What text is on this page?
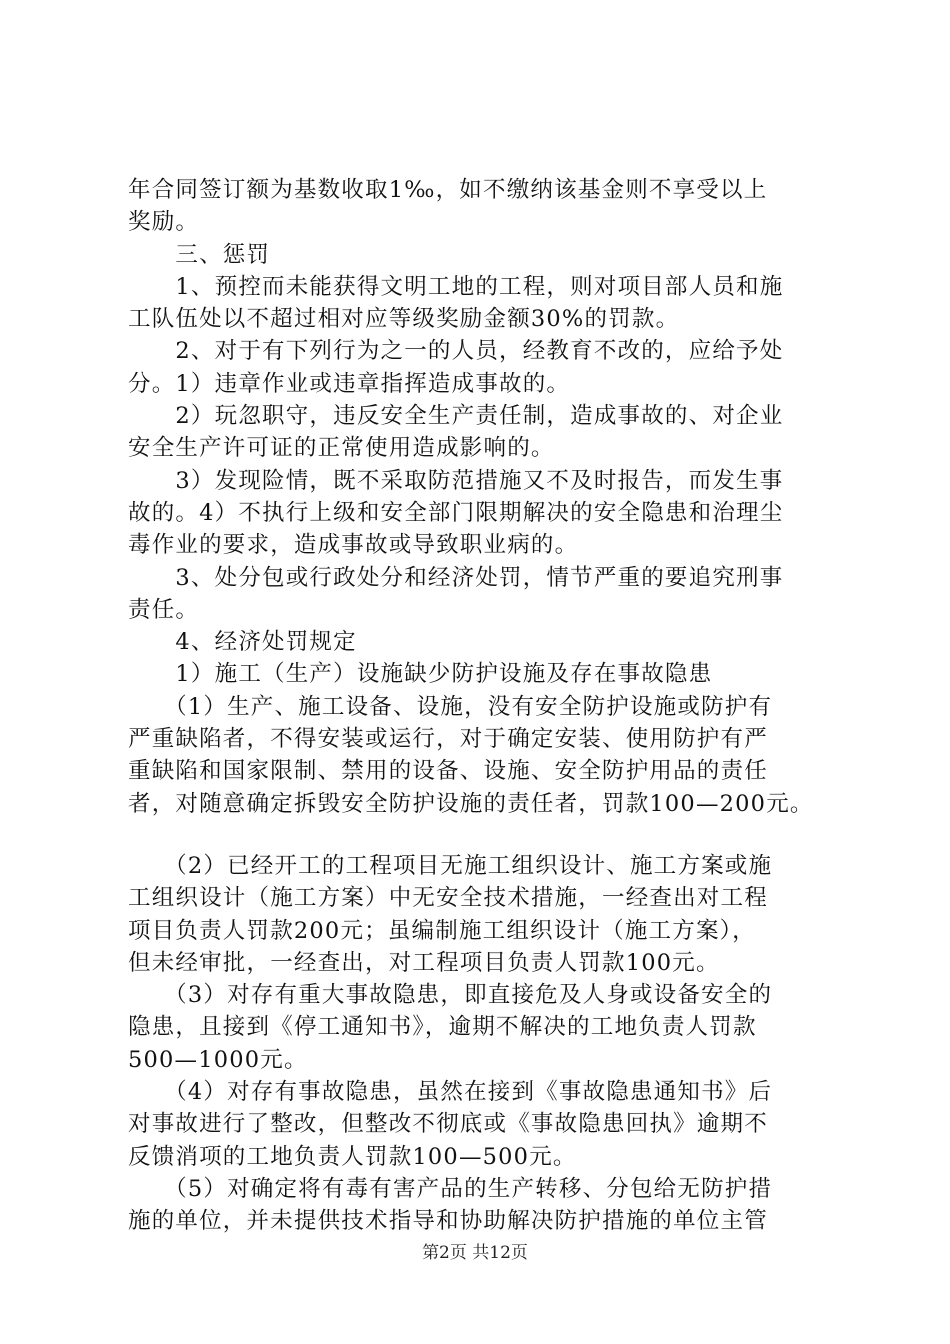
年合同签订额为基数收取1‰，如不缴纳该基金则不享受以上
奖励。
　　三、惩罚
　　1、预控而未能获得文明工地的工程，则对项目部人员和施
工队伍处以不超过相对应等级奖励金额30%的罚款。
　　2、对于有下列行为之一的人员，经教育不改的，应给予处
分。1）违章作业或违章指挥造成事故的。
　　2）玩忽职守，违反安全生产责任制，造成事故的、对企业
安全生产许可证的正常使用造成影响的。
　　3）发现险情，既不采取防范措施又不及时报告，而发生事
故的。4）不执行上级和安全部门限期解决的安全隐患和治理尘
毒作业的要求，造成事故或导致职业病的。
　　3、处分包或行政处分和经济处罚，情节严重的要追究刑事
责任。
　　4、经济处罚规定
　　1）施工（生产）设施缺少防护设施及存在事故隐患
　　（1）生产、施工设备、设施，没有安全防护设施或防护有
严重缺陷者，不得安装或运行，对于确定安装、使用防护有严
重缺陷和国家限制、禁用的设备、设施、安全防护用品的责任
者，对随意确定拆毁安全防护设施的责任者，罚款100—200元。
　　（2）已经开工的工程项目无施工组织设计、施工方案或施
工组织设计（施工方案）中无安全技术措施，一经查出对工程
项目负责人罚款200元；虽编制施工组织设计（施工方案），
但未经审批，一经查出，对工程项目负责人罚款100元。
　　（3）对存有重大事故隐患，即直接危及人身或设备安全的
隐患，且接到《停工通知书》，逾期不解决的工地负责人罚款
500—1000元。
　　（4）对存有事故隐患，虽然在接到《事故隐患通知书》后
对事故进行了整改，但整改不彻底或《事故隐患回执》逾期不
反馈消项的工地负责人罚款100—500元。
　　（5）对确定将有毒有害产品的生产转移、分包给无防护措
施的单位，并未提供技术指导和协助解决防护措施的单位主管
第2页 共12页
